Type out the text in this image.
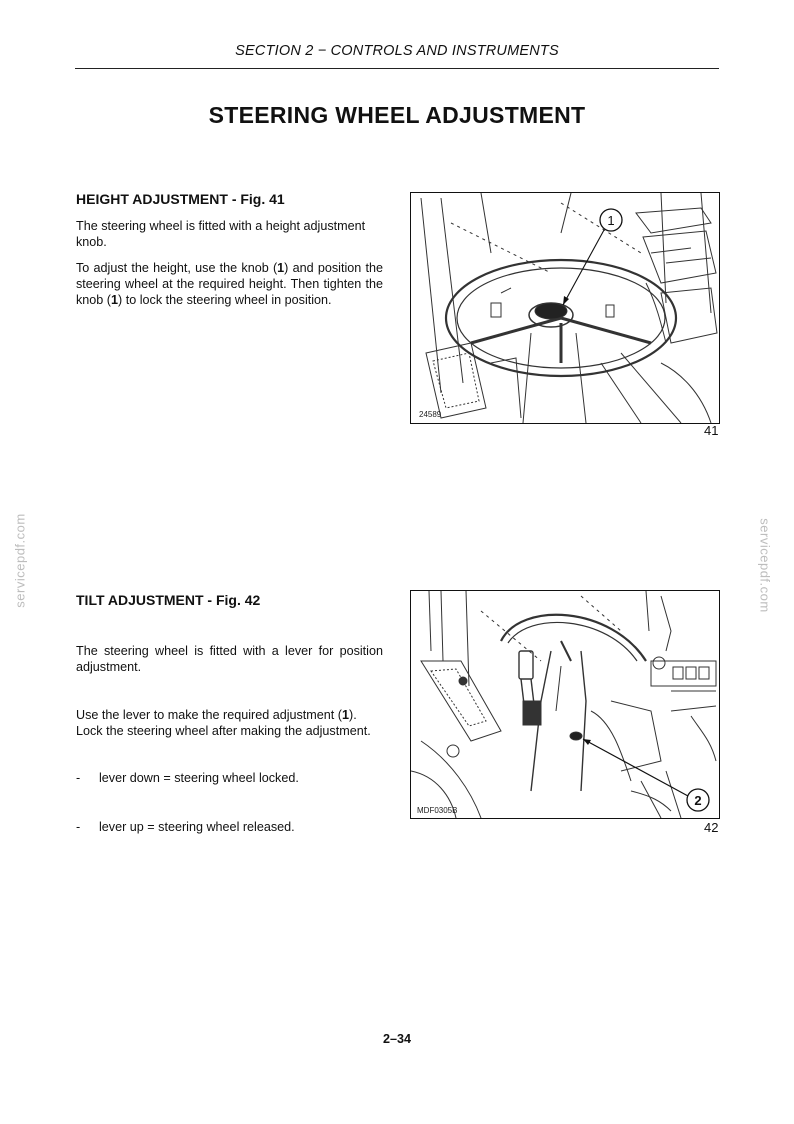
SECTION 2 − CONTROLS AND INSTRUMENTS
STEERING WHEEL ADJUSTMENT
HEIGHT ADJUSTMENT - Fig. 41
The steering wheel is fitted with a height adjustment knob.
To adjust the height, use the knob (1) and position the steering wheel at the required height. Then tighten the knob (1) to lock the steering wheel in position.
1
24589
41
servicepdf.com	servicepdf.com
TILT ADJUSTMENT - Fig. 42
The steering wheel is fitted with a lever for position adjustment.
Use the lever to make the required adjustment (1). Lock the steering wheel after making the adjustment.
- lever down = steering wheel locked.
- lever up = steering wheel released.
2
MDF0305B
42
2–34
